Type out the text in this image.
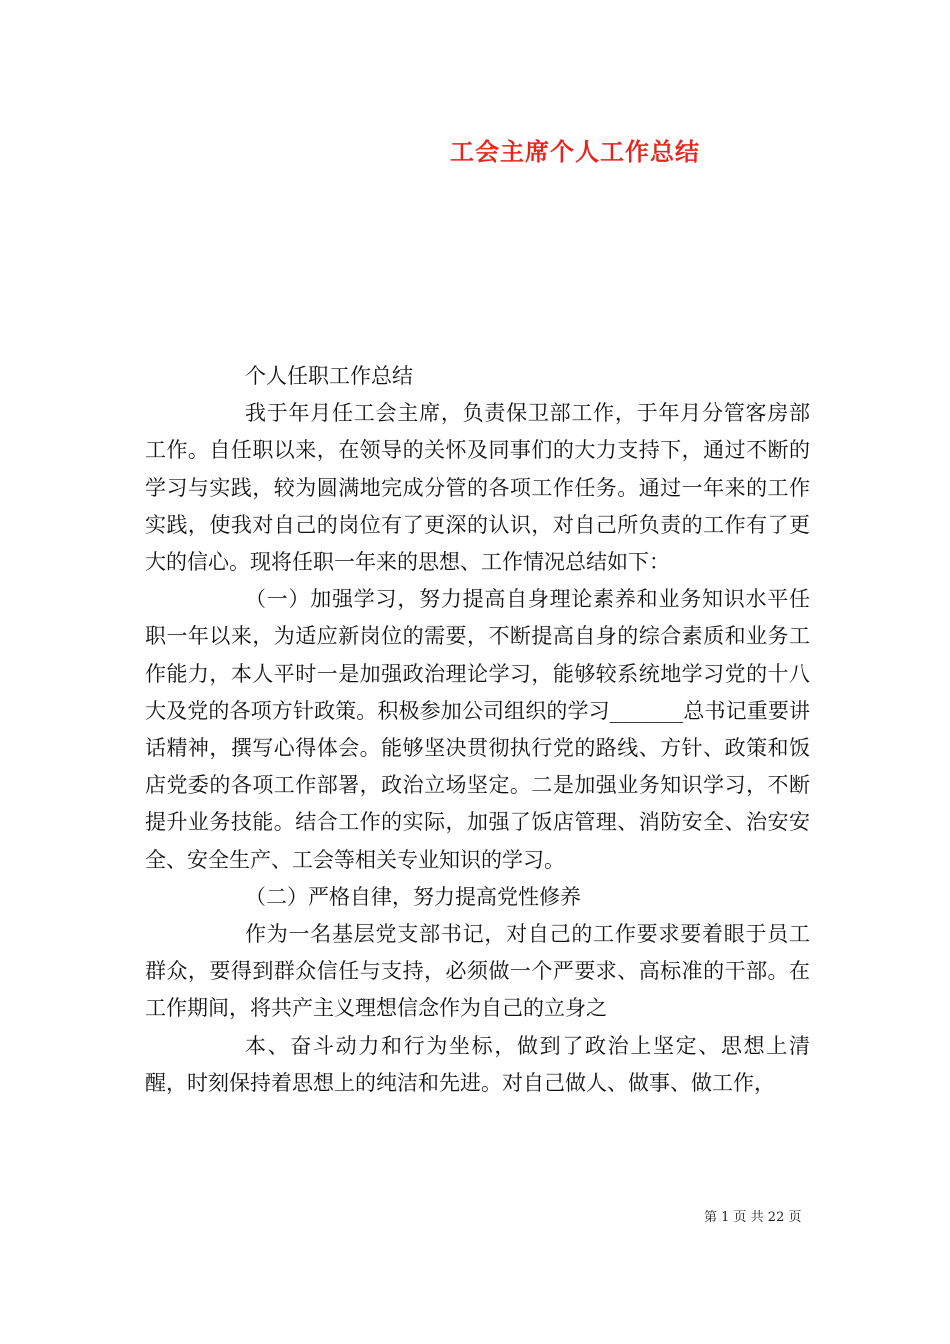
工会主席个人工作总结

个人任职工作总结

我于年月任工会主席，负责保卫部工作，于年月分管客房部工作。自任职以来，在领导的关怀及同事们的大力支持下，通过不断的学习与实践，较为圆满地完成分管的各项工作任务。通过一年来的工作实践，使我对自己的岗位有了更深的认识，对自己所负责的工作有了更大的信心。现将任职一年来的思想、工作情况总结如下：

（一）加强学习，努力提高自身理论素养和业务知识水平任职一年以来，为适应新岗位的需要，不断提高自身的综合素质和业务工作能力，本人平时一是加强政治理论学习，能够较系统地学习党的十八大及党的各项方针政策。积极参加公司组织的学习_______总书记重要讲话精神，撰写心得体会。能够坚决贯彻执行党的路线、方针、政策和饭店党委的各项工作部署，政治立场坚定。二是加强业务知识学习，不断提升业务技能。结合工作的实际，加强了饭店管理、消防安全、治安安全、安全生产、工会等相关专业知识的学习。

（二）严格自律，努力提高党性修养

作为一名基层党支部书记，对自己的工作要求要着眼于员工群众，要得到群众信任与支持，必须做一个严要求、高标准的干部。在工作期间，将共产主义理想信念作为自己的立身之

本、奋斗动力和行为坐标，做到了政治上坚定、思想上清醒，时刻保持着思想上的纯洁和先进。对自己做人、做事、做工作，

第 1 页 共 22 页
